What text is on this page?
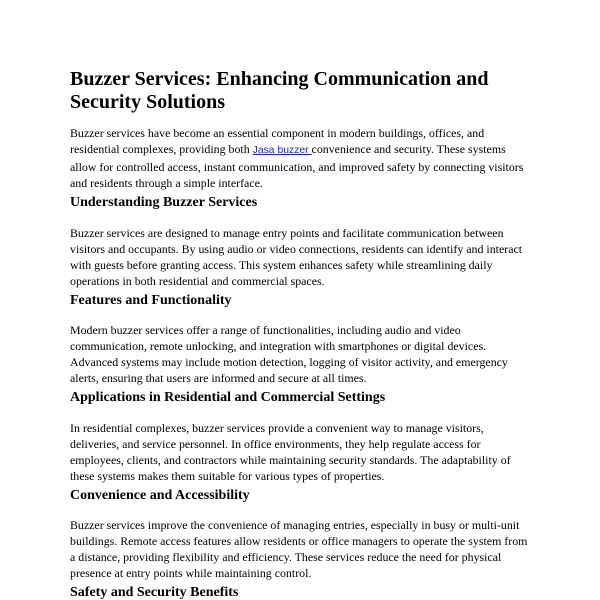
Buzzer Services: Enhancing Communication and Security Solutions

Buzzer services have become an essential component in modern buildings, offices, and residential complexes, providing both Jasa buzzer convenience and security. These systems allow for controlled access, instant communication, and improved safety by connecting visitors and residents through a simple interface.

Understanding Buzzer Services

Buzzer services are designed to manage entry points and facilitate communication between visitors and occupants. By using audio or video connections, residents can identify and interact with guests before granting access. This system enhances safety while streamlining daily operations in both residential and commercial spaces.

Features and Functionality

Modern buzzer services offer a range of functionalities, including audio and video communication, remote unlocking, and integration with smartphones or digital devices. Advanced systems may include motion detection, logging of visitor activity, and emergency alerts, ensuring that users are informed and secure at all times.

Applications in Residential and Commercial Settings

In residential complexes, buzzer services provide a convenient way to manage visitors, deliveries, and service personnel. In office environments, they help regulate access for employees, clients, and contractors while maintaining security standards. The adaptability of these systems makes them suitable for various types of properties.

Convenience and Accessibility

Buzzer services improve the convenience of managing entries, especially in busy or multi-unit buildings. Remote access features allow residents or office managers to operate the system from a distance, providing flexibility and efficiency. These services reduce the need for physical presence at entry points while maintaining control.

Safety and Security Benefits
